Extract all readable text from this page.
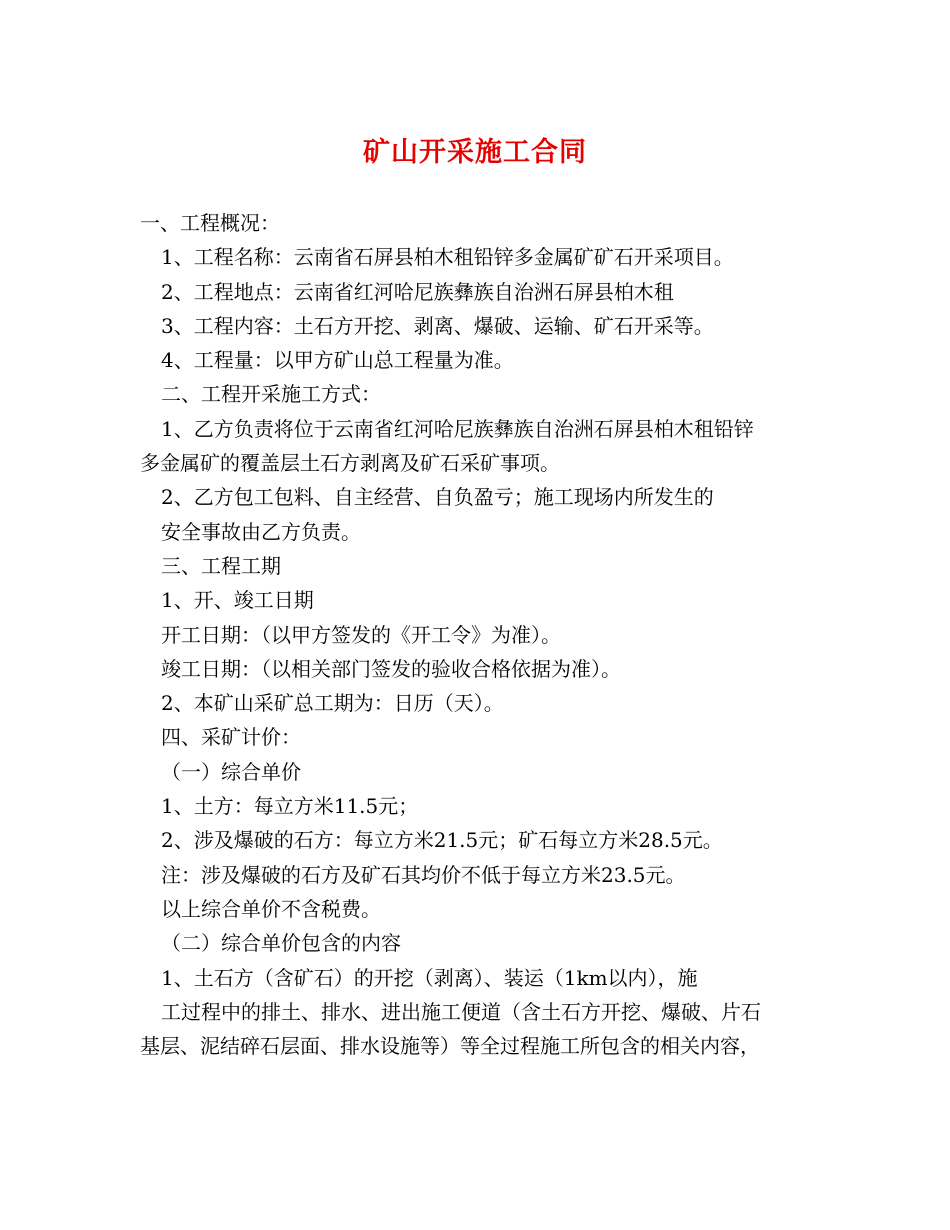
矿山开采施工合同
一、工程概况：
1、工程名称：云南省石屏县柏木租铅锌多金属矿矿石开采项目。
2、工程地点：云南省红河哈尼族彝族自治洲石屏县柏木租
3、工程内容：土石方开挖、剥离、爆破、运输、矿石开采等。
4、工程量：以甲方矿山总工程量为准。
二、工程开采施工方式：
1、乙方负责将位于云南省红河哈尼族彝族自治洲石屏县柏木租铅锌
多金属矿的覆盖层土石方剥离及矿石采矿事项。
2、乙方包工包料、自主经营、自负盈亏；施工现场内所发生的
安全事故由乙方负责。
三、工程工期
1、开、竣工日期
开工日期：（以甲方签发的《开工令》为准）。
竣工日期：（以相关部门签发的验收合格依据为准）。
2、本矿山采矿总工期为：日历（天）。
四、采矿计价：
（一）综合单价
1、土方：每立方米11.5元；
2、涉及爆破的石方：每立方米21.5元；矿石每立方米28.5元。
注：涉及爆破的石方及矿石其均价不低于每立方米23.5元。
以上综合单价不含税费。
（二）综合单价包含的内容
1、土石方（含矿石）的开挖（剥离）、装运（1km以内），施
工过程中的排土、排水、进出施工便道（含土石方开挖、爆破、片石
基层、泥结碎石层面、排水设施等）等全过程施工所包含的相关内容，
